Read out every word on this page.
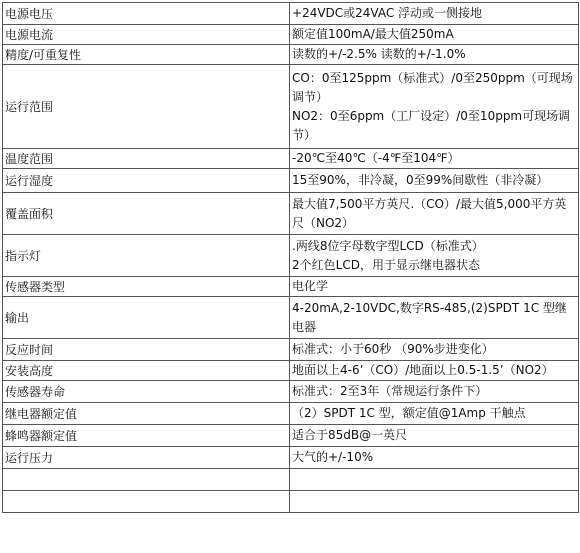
电源电压	+24VDC或24VAC 浮动或一侧接地

电源电流	额定值100mA/最大值250mA

精度/可重复性	读数的+/-2.5% 读数的+/-1.0%

运行范围	CO：0至125ppm（标准式）/0至250ppm（可现场调节）
NO2：0至6ppm（工厂设定）/0至10ppm可现场调节）

温度范围	-20℃至40℃（-4℉至104℉）

运行湿度	15至90%，非冷凝，0至99%间歇性（非冷凝）

覆盖面积	最大值7,500平方英尺.（CO）/最大值5,000平方英尺（NO2）

指示灯	.两线8位字母数字型LCD（标准式）
2个红色LCD，用于显示继电器状态

传感器类型	电化学

输出	4-20mA,2-10VDC,数字RS-485,(2)SPDT 1C 型继电器

反应时间	标准式：小于60秒 （90%步进变化）

安装高度	地面以上4-6’（CO）/地面以上0.5-1.5’（NO2）

传感器寿命	标准式：2至3年（常规运行条件下）

继电器额定值	（2）SPDT 1C 型，额定值@1Amp 干触点

蜂鸣器额定值	适合于85dB@一英尺

运行压力	大气的+/-10%
